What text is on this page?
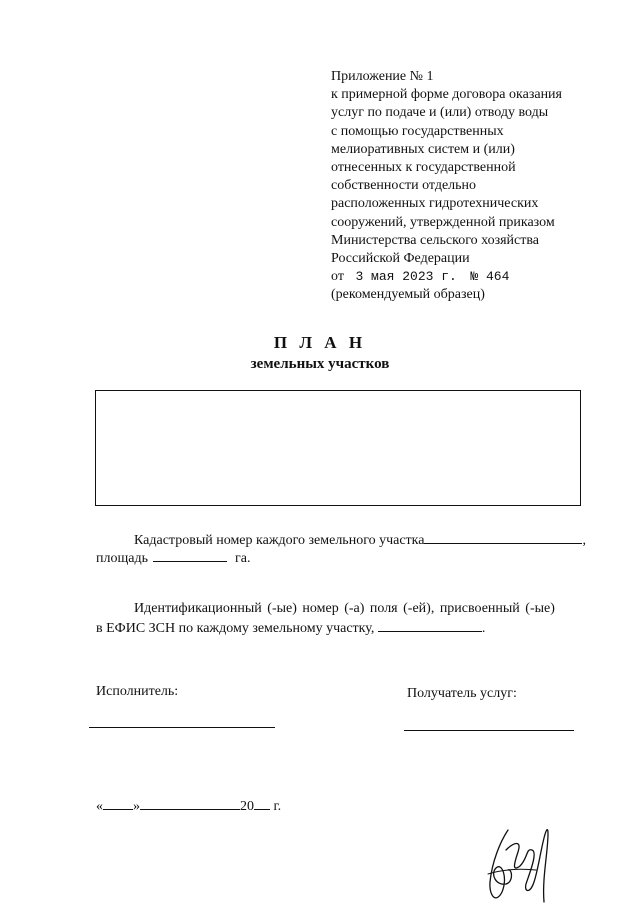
Приложение № 1
к примерной форме договора оказания
услуг по подаче и (или) отводу воды
с помощью государственных
мелиоративных систем и (или)
отнесенных к государственной
собственности отдельно
расположенных гидротехнических
сооружений, утвержденной приказом
Министерства сельского хозяйства
Российской Федерации
от 3 мая 2023 г. № 464
(рекомендуемый образец)
П Л А Н
земельных участков
Кадастровый номер каждого земельного участка	,
площадь	га.
Идентификационный (-ые) номер (-а) поля (-ей), присвоенный (-ые)
в ЕФИС ЗСН по каждому земельному участку,	.
Исполнитель:	Получатель услуг:
« »	20 г.
